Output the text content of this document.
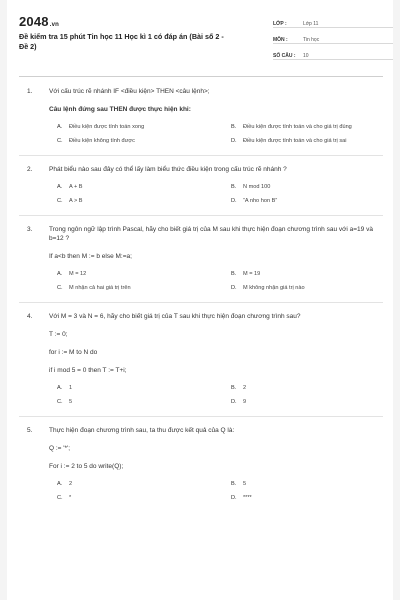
2048.vn
Đề kiểm tra 15 phút Tin học 11 Học kì 1 có đáp án (Bài số 2 - Đề 2)
LỚP :	Lớp 11
MÔN :	Tin học
SỐ CÂU :	10
1.	Với cấu trúc rẽ nhánh IF <điều kiện> THEN <câu lệnh>;
Câu lệnh đứng sau THEN được thực hiện khi:
A.	Điều kiện được tính toán xong	B.	Điều kiện được tính toán và cho giá trị đúng
C.	Điều kiện không tính được	D.	Điều kiện được tính toán và cho giá trị sai
2.	Phát biểu nào sau đây có thể lấy làm biểu thức điều kiện trong cấu trúc rẽ nhánh ?
A.	A + B	B.	N mod 100
C.	A > B	D.	“A nho hon B”
3.	Trong ngôn ngữ lập trình Pascal, hãy cho biết giá trị của M sau khi thực hiện đoạn chương trình sau với a=19 và b=12 ?
If a<b then M := b else M:=a;
A.	M = 12	B.	M = 19
C.	M nhận cả hai giá trị trên	D.	M không nhận giá trị nào
4.	Với M = 3 và N = 6, hãy cho biết giá trị của T sau khi thực hiện đoạn chương trình sau?
T := 0;
for i := M to N do
if i mod 5 = 0 then T := T+i;
A.	1	B.	2
C.	5	D.	9
5.	Thực hiện đoạn chương trình sau, ta thu được kết quả của Q là:
Q := '*';
For i := 2 to 5 do write(Q);
A.	2	B.	5
C.	*	D.	****
